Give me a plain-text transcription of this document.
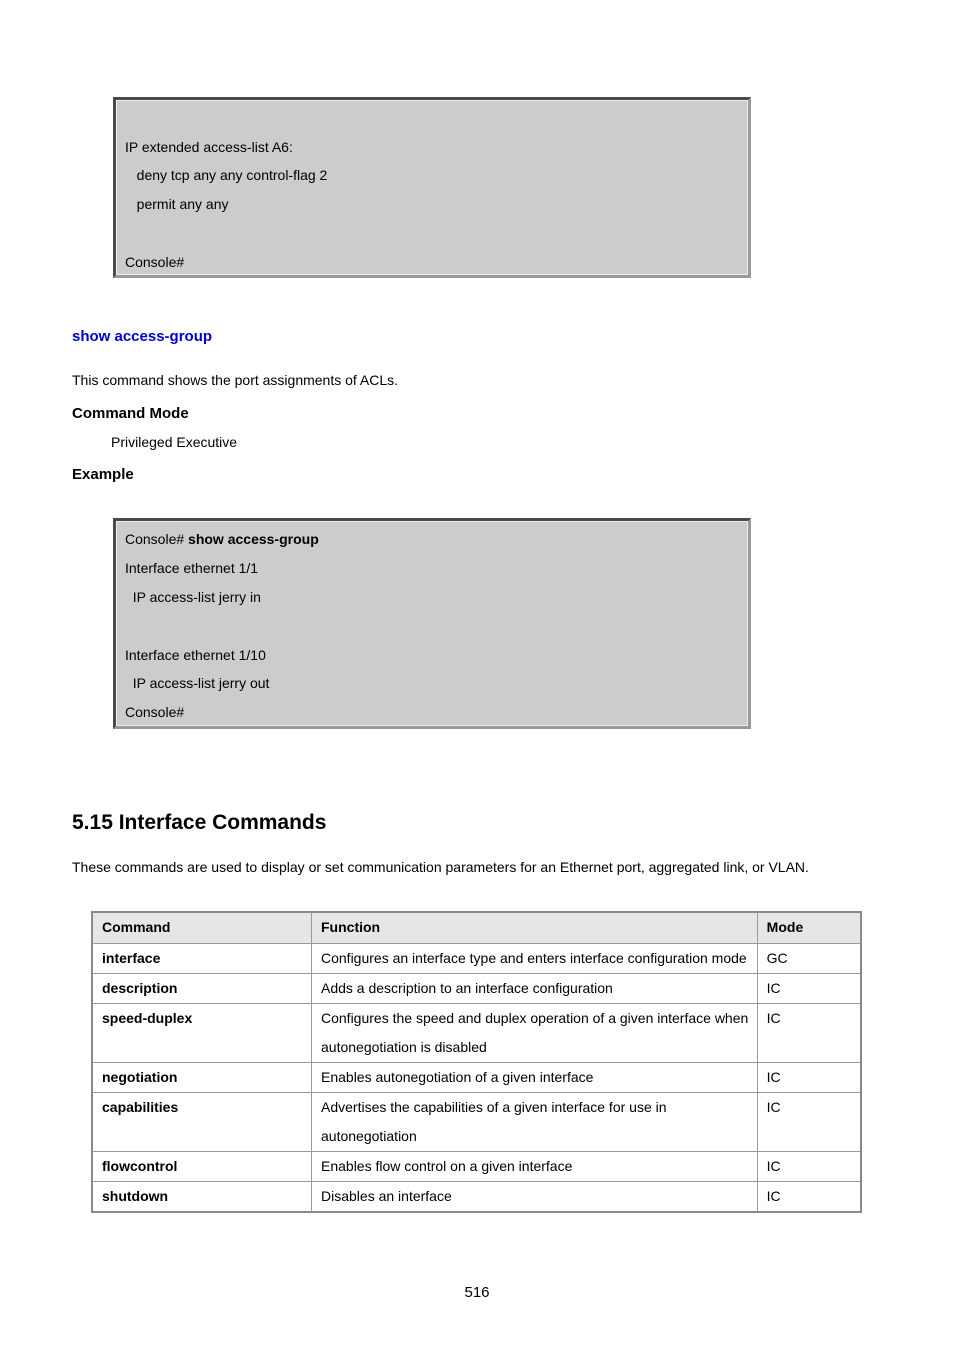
IP extended access-list A6:
deny tcp any any control-flag 2
permit any any
Console#
show access-group
This command shows the port assignments of ACLs.
Command Mode
Privileged Executive
Example
Console# show access-group
Interface ethernet 1/1
IP access-list jerry in
Interface ethernet 1/10
IP access-list jerry out
Console#
5.15 Interface Commands
These commands are used to display or set communication parameters for an Ethernet port, aggregated link, or VLAN.
Command	Function	Mode
interface	Configures an interface type and enters interface configuration mode	GC
description	Adds a description to an interface configuration	IC
speed-duplex	Configures the speed and duplex operation of a given interface when autonegotiation is disabled	IC
negotiation	Enables autonegotiation of a given interface	IC
capabilities	Advertises the capabilities of a given interface for use in autonegotiation	IC
flowcontrol	Enables flow control on a given interface	IC
shutdown	Disables an interface	IC
516
